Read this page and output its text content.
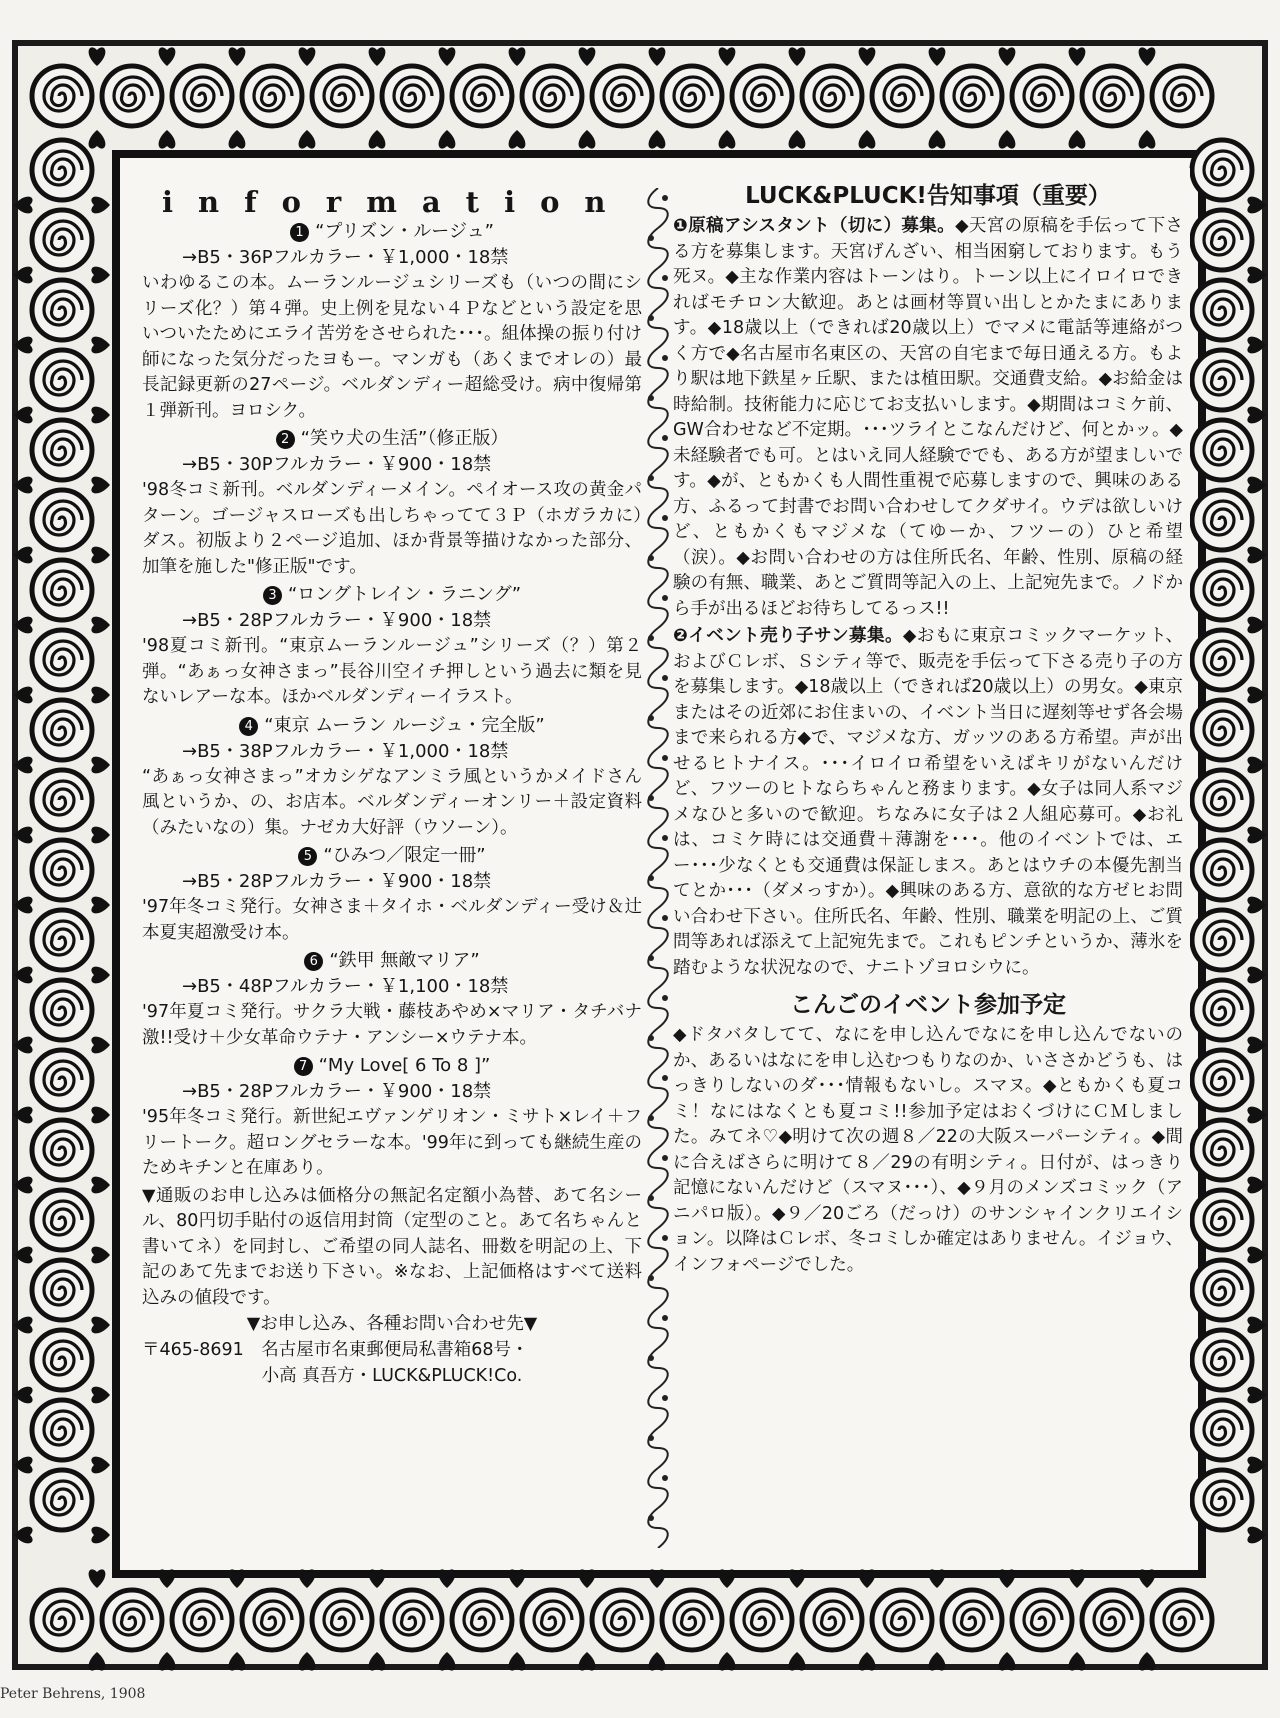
information
1 “プリズン・ルージュ”
→B5・36Pフルカラー・￥1,000・18禁
いわゆるこの本。ムーランルージュシリーズも（いつの間にシリーズ化？）第４弾。史上例を見ない４Ｐなどという設定を思いついたためにエライ苦労をさせられた･･･。組体操の振り付け師になった気分だったヨもー。マンガも（あくまでオレの）最長記録更新の27ページ。ベルダンディー超総受け。病中復帰第１弾新刊。ヨロシク。
2 “笑ウ犬の生活”（修正版）
→B5・30Pフルカラー・￥900・18禁
'98冬コミ新刊。ベルダンディーメイン。ペイオース攻の黄金パターン。ゴージャスローズも出しちゃってて３Ｐ（ホガラカに）ダス。初版より２ページ追加、ほか背景等描けなかった部分、加筆を施した"修正版"です。
3 “ロングトレイン・ラニング”
→B5・28Pフルカラー・￥900・18禁
'98夏コミ新刊。“東京ムーランルージュ”シリーズ（？）第２弾。“あぁっ女神さまっ”長谷川空イチ押しという過去に類を見ないレアーな本。ほかベルダンディーイラスト。
4 “東京 ムーラン ルージュ・完全版”
→B5・38Pフルカラー・￥1,000・18禁
“あぁっ女神さまっ”オカシゲなアンミラ風というかメイドさん風というか、の、お店本。ベルダンディーオンリー＋設定資料（みたいなの）集。ナゼカ大好評（ウソーン）。
5 “ひみつ／限定一冊”
→B5・28Pフルカラー・￥900・18禁
'97年冬コミ発行。女神さま＋タイホ・ベルダンディー受け＆辻本夏実超激受け本。
6 “鉄甲 無敵マリア”
→B5・48Pフルカラー・￥1,100・18禁
'97年夏コミ発行。サクラ大戦・藤枝あやめ×マリア・タチバナ激!!受け＋少女革命ウテナ・アンシー×ウテナ本。
7 “My Love[ 6 To 8 ]”
→B5・28Pフルカラー・￥900・18禁
'95年冬コミ発行。新世紀エヴァンゲリオン・ミサト×レイ＋フリートーク。超ロングセラーな本。'99年に到っても継続生産のためキチンと在庫あり。
▼通販のお申し込みは価格分の無記名定額小為替、あて名シール、80円切手貼付の返信用封筒（定型のこと。あて名ちゃんと書いてネ）を同封し、ご希望の同人誌名、冊数を明記の上、下記のあて先までお送り下さい。※なお、上記価格はすべて送料込みの値段です。
▼お申し込み、各種お問い合わせ先▼
〒465-8691　名古屋市名東郵便局私書箱68号・
小高 真吾方・LUCK&PLUCK!Co.
LUCK&PLUCK!告知事項（重要）
❶原稿アシスタント（切に）募集。◆天宮の原稿を手伝って下さる方を募集します。天宮げんざい、相当困窮しております。もう死ヌ。◆主な作業内容はトーンはり。トーン以上にイロイロできればモチロン大歓迎。あとは画材等買い出しとかたまにあります。◆18歳以上（できれば20歳以上）でマメに電話等連絡がつく方で◆名古屋市名東区の、天宮の自宅まで毎日通える方。もより駅は地下鉄星ヶ丘駅、または植田駅。交通費支給。◆お給金は時給制。技術能力に応じてお支払いします。◆期間はコミケ前、GW合わせなど不定期。･･･ツライとこなんだけど、何とかッ。◆未経験者でも可。とはいえ同人経験ででも、ある方が望ましいです。◆が、ともかくも人間性重視で応募しますので、興味のある方、ふるって封書でお問い合わせしてクダサイ。ウデは欲しいけど、ともかくもマジメな（てゆーか、フツーの）ひと希望（涙）。◆お問い合わせの方は住所氏名、年齢、性別、原稿の経験の有無、職業、あとご質問等記入の上、上記宛先まで。ノドから手が出るほどお待ちしてるっス!!
❷イベント売り子サン募集。◆おもに東京コミックマーケット、およびＣレボ、Ｓシティ等で、販売を手伝って下さる売り子の方を募集します。◆18歳以上（できれば20歳以上）の男女。◆東京またはその近郊にお住まいの、イベント当日に遅刻等せず各会場まで来られる方◆で、マジメな方、ガッツのある方希望。声が出せるヒトナイス。･･･イロイロ希望をいえばキリがないんだけど、フツーのヒトならちゃんと務まります。◆女子は同人系マジメなひと多いので歓迎。ちなみに女子は２人組応募可。◆お礼は、コミケ時には交通費＋薄謝を･･･。他のイベントでは、エー･･･少なくとも交通費は保証しまス。あとはウチの本優先割当てとか･･･（ダメっすか）。◆興味のある方、意欲的な方ゼヒお問い合わせ下さい。住所氏名、年齢、性別、職業を明記の上、ご質問等あれば添えて上記宛先まで。これもピンチというか、薄氷を踏むような状況なので、ナニトゾヨロシウに。
こんごのイベント参加予定
◆ドタバタしてて、なにを申し込んでなにを申し込んでないのか、あるいはなにを申し込むつもりなのか、いささかどうも、はっきりしないのダ･･･情報もないし。スマヌ。◆ともかくも夏コミ！なにはなくとも夏コミ!!参加予定はおくづけにＣＭしました。みてネ♡◆明けて次の週８／22の大阪スーパーシティ。◆間に合えばさらに明けて８／29の有明シティ。日付が、はっきり記憶にないんだけど（スマヌ･･･）、◆９月のメンズコミック（アニパロ版）。◆９／20ごろ（だっけ）のサンシャインクリエイション。以降はＣレボ、冬コミしか確定はありません。イジョウ、インフォページでした。
Peter Behrens, 1908
